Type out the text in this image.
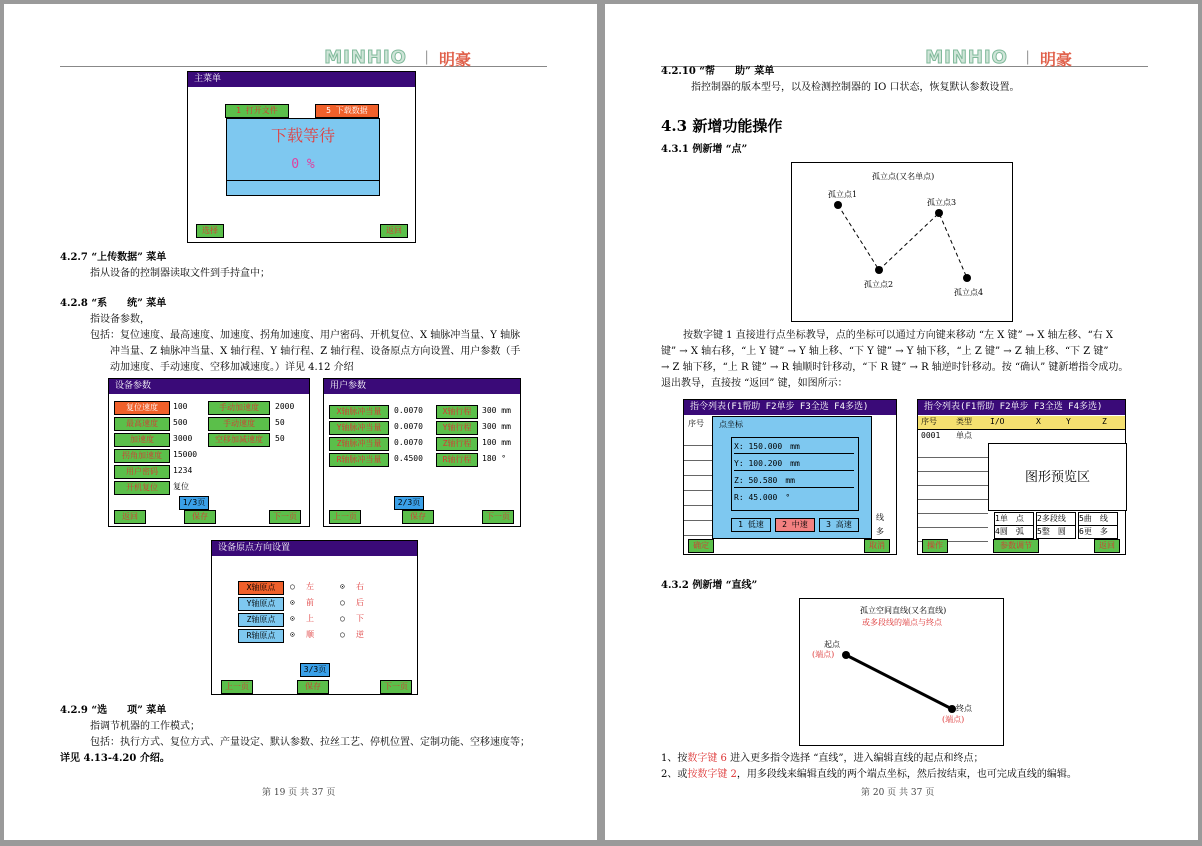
MINHIO | 明豪
主菜单
1 打开文件	5 下载数据
下载等待
0 %
选择	返回
4.2.7 “上传数据” 菜单
指从设备的控制器读取文件到手持盒中；
4.2.8 “系　　统” 菜单
指设备参数，
包括：复位速度、最高速度、加速度、拐角加速度、用户密码、开机复位、X 轴脉冲当量、Y 轴脉
冲当量、Z 轴脉冲当量、X 轴行程、Y 轴行程、Z 轴行程、设备原点方向设置、用户参数（手
动加速度、手动速度、空移加减速度。）详见 4.12 介绍
设备参数
复位速度	100	手动加速度	2000
最高速度	500	手动速度	50
加速度	3000	空移加减速度	50
拐角加速度	15000
用户密码	1234
开机复位	复位
1/3页
返回	保存	下一页
用户参数
X轴脉冲当量	0.0070	X轴行程	300 mm
Y轴脉冲当量	0.0070	Y轴行程	300 mm
Z轴脉冲当量	0.0070	Z轴行程	100 mm
R轴脉冲当量	0.4500	R轴行程	180 °
2/3页
上一页	保存	下一页
设备原点方向设置
X轴原点	○ 左	⊙ 右
Y轴原点	⊙ 前	○ 后
Z轴原点	⊙ 上	○ 下
R轴原点	⊙ 顺	○ 逆
3/3页
上一页	保存	下一页
4.2.9 “选　　项” 菜单
指调节机器的工作模式；
包括：执行方式、复位方式、产量设定、默认参数、拉丝工艺、停机位置、定制功能、空移速度等；
详见 4.13-4.20 介绍。
第 19 页 共 37 页
MINHIO | 明豪
4.2.10 “帮　　助” 菜单
指控制器的版本型号，以及检测控制器的 IO 口状态，恢复默认参数设置。
4.3 新增功能操作
4.3.1 例新增 “点”
孤立点(又名单点)
孤立点1
孤立点2
孤立点3
孤立点4
按数字键 1 直接进行点坐标教导，点的坐标可以通过方向键来移动 “左 X 键” → X 轴左移、“右 X
键” → X 轴右移，“上 Y 键” → Y 轴上移、“下 Y 键” → Y 轴下移，“上 Z 键” → Z 轴上移、“下 Z 键”
→ Z 轴下移，“上 R 键” → R 轴顺时针移动，“下 R 键” → R 轴逆时针移动。按 “确认” 键新增指令成功。
退出教导，直接按 “返回” 键，如图所示：
指令列表(F1帮助 F2单步 F3全选 F4多选)
序号 点坐标
X: 150.000　mm
Y: 100.200　mm
Z: 50.580　mm
R: 45.000　°
1 低速	2 中速	3 高速
线
多
确定	取消
指令列表(F1帮助 F2单步 F3全选 F4多选)
序号 类型 I/O	X	Y	Z
0001 单点
图形预览区
1单　点	2多段线	5曲　线
4圆　弧	5整　圆	6更　多
操作	参数调节	返回
4.3.2 例新增 “直线”
孤立空间直线(又名直线)
或多段线的端点与终点
起点
(端点)
终点
(端点)
1、按数字键 6 进入更多指令选择 “直线”，进入编辑直线的起点和终点；
2、或按数字键 2，用多段线来编辑直线的两个端点坐标，然后按结束，也可完成直线的编辑。
第 20 页 共 37 页
